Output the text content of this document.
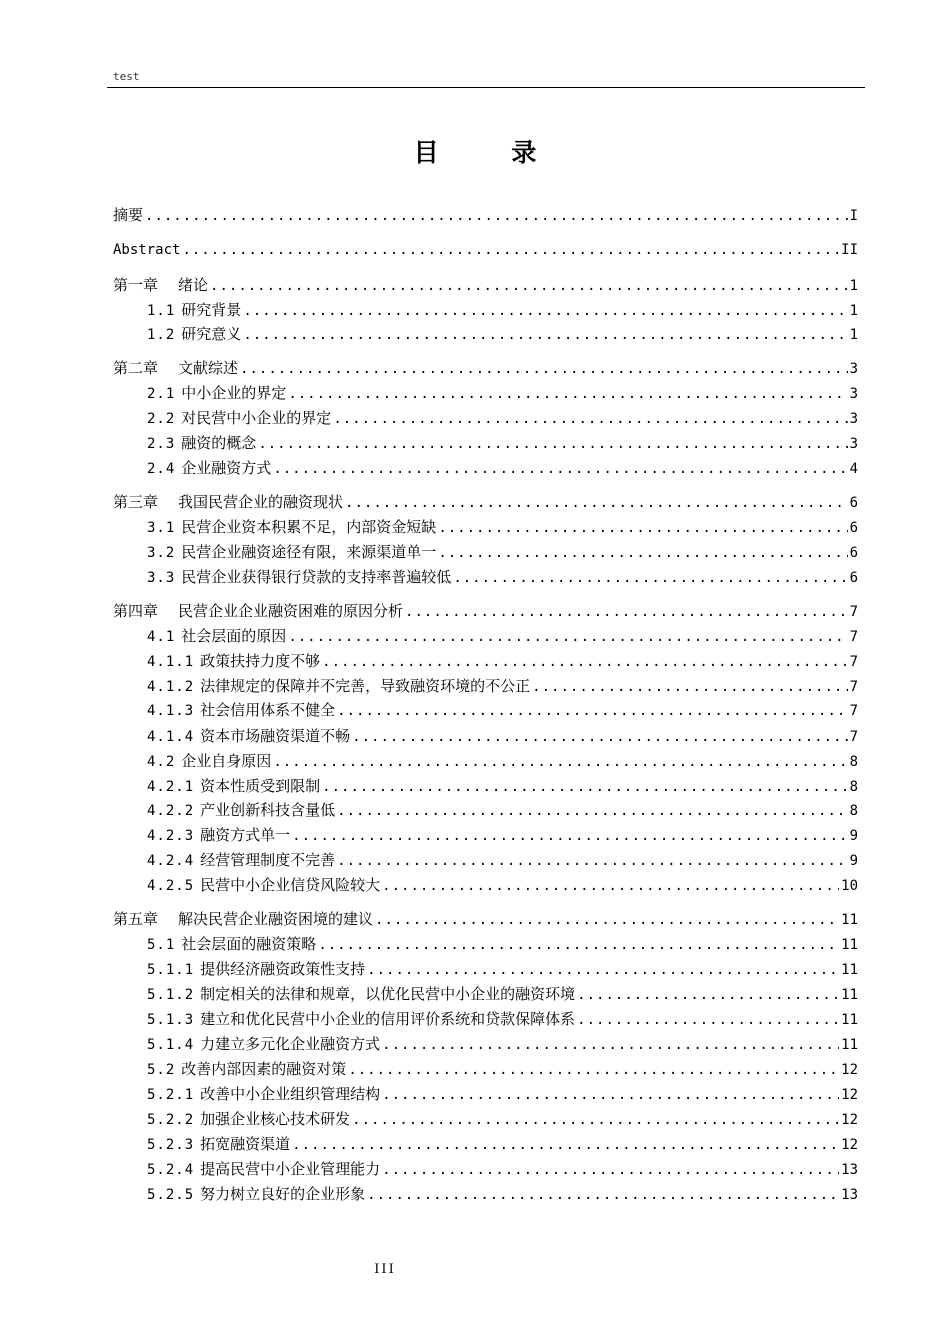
test
目 录
摘要 .....	I
Abstract .....	II
第一章 绪论 .....	1
1.1 研究背景 .....	1
1.2 研究意义 .....	1
第二章 文献综述 .....	3
2.1 中小企业的界定 .....	3
2.2 对民营中小企业的界定 .....	3
2.3 融资的概念 .....	3
2.4 企业融资方式 .....	4
第三章 我国民营企业的融资现状 .....	6
3.1 民营企业资本积累不足，内部资金短缺 .....	6
3.2 民营企业融资途径有限，来源渠道单一 .....	6
3.3 民营企业获得银行贷款的支持率普遍较低 .....	6
第四章 民营企业企业融资困难的原因分析 .....	7
4.1 社会层面的原因 .....	7
4.1.1 政策扶持力度不够 .....	7
4.1.2 法律规定的保障并不完善，导致融资环境的不公正 .....	7
4.1.3 社会信用体系不健全 .....	7
4.1.4 资本市场融资渠道不畅 .....	7
4.2 企业自身原因 .....	8
4.2.1 资本性质受到限制 .....	8
4.2.2 产业创新科技含量低 .....	8
4.2.3 融资方式单一 .....	9
4.2.4 经营管理制度不完善 .....	9
4.2.5 民营中小企业信贷风险较大 .....	10
第五章 解决民营企业融资困境的建议 .....	11
5.1 社会层面的融资策略 .....	11
5.1.1 提供经济融资政策性支持 .....	11
5.1.2 制定相关的法律和规章，以优化民营中小企业的融资环境 .....	11
5.1.3 建立和优化民营中小企业的信用评价系统和贷款保障体系 .....	11
5.1.4 力建立多元化企业融资方式 .....	11
5.2 改善内部因素的融资对策 .....	12
5.2.1 改善中小企业组织管理结构 .....	12
5.2.2 加强企业核心技术研发 .....	12
5.2.3 拓宽融资渠道 .....	12
5.2.4 提高民营中小企业管理能力 .....	13
5.2.5 努力树立良好的企业形象 .....	13
III
